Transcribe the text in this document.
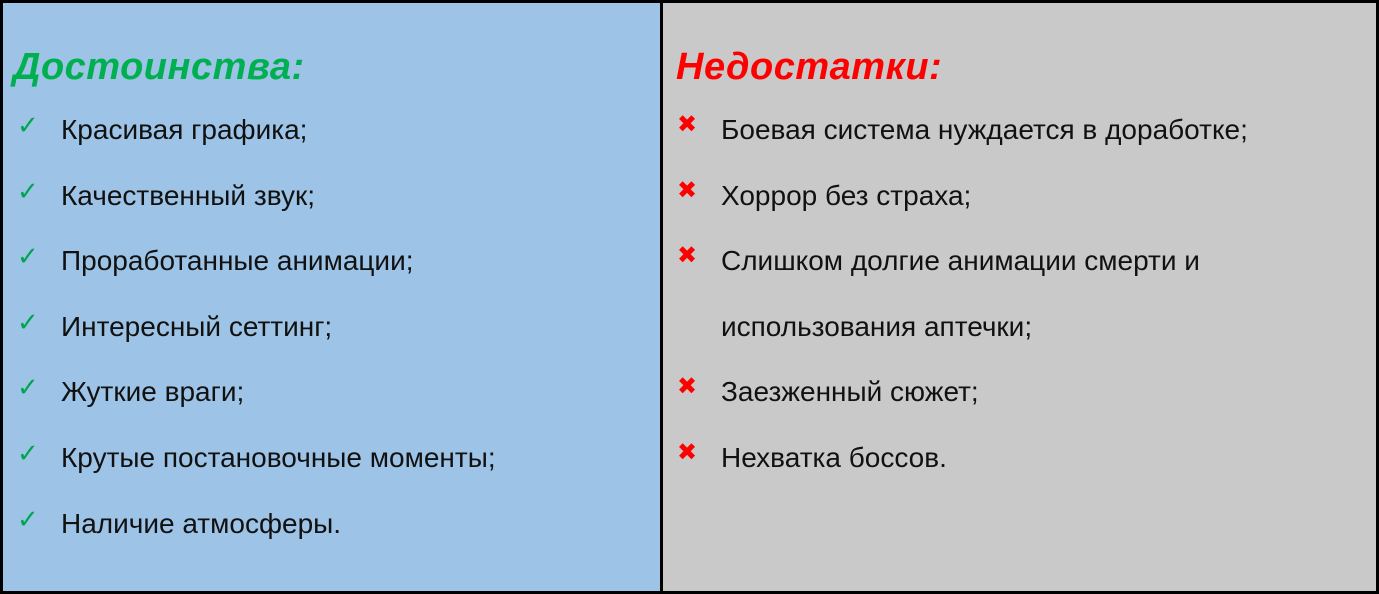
Достоинства:
✓ Красивая графика;
✓ Качественный звук;
✓ Проработанные анимации;
✓ Интересный сеттинг;
✓ Жуткие враги;
✓ Крутые постановочные моменты;
✓ Наличие атмосферы.
Недостатки:
✖ Боевая система нуждается в доработке;
✖ Хоррор без страха;
✖ Слишком долгие анимации смерти и использования аптечки;
✖ Заезженный сюжет;
✖ Нехватка боссов.
